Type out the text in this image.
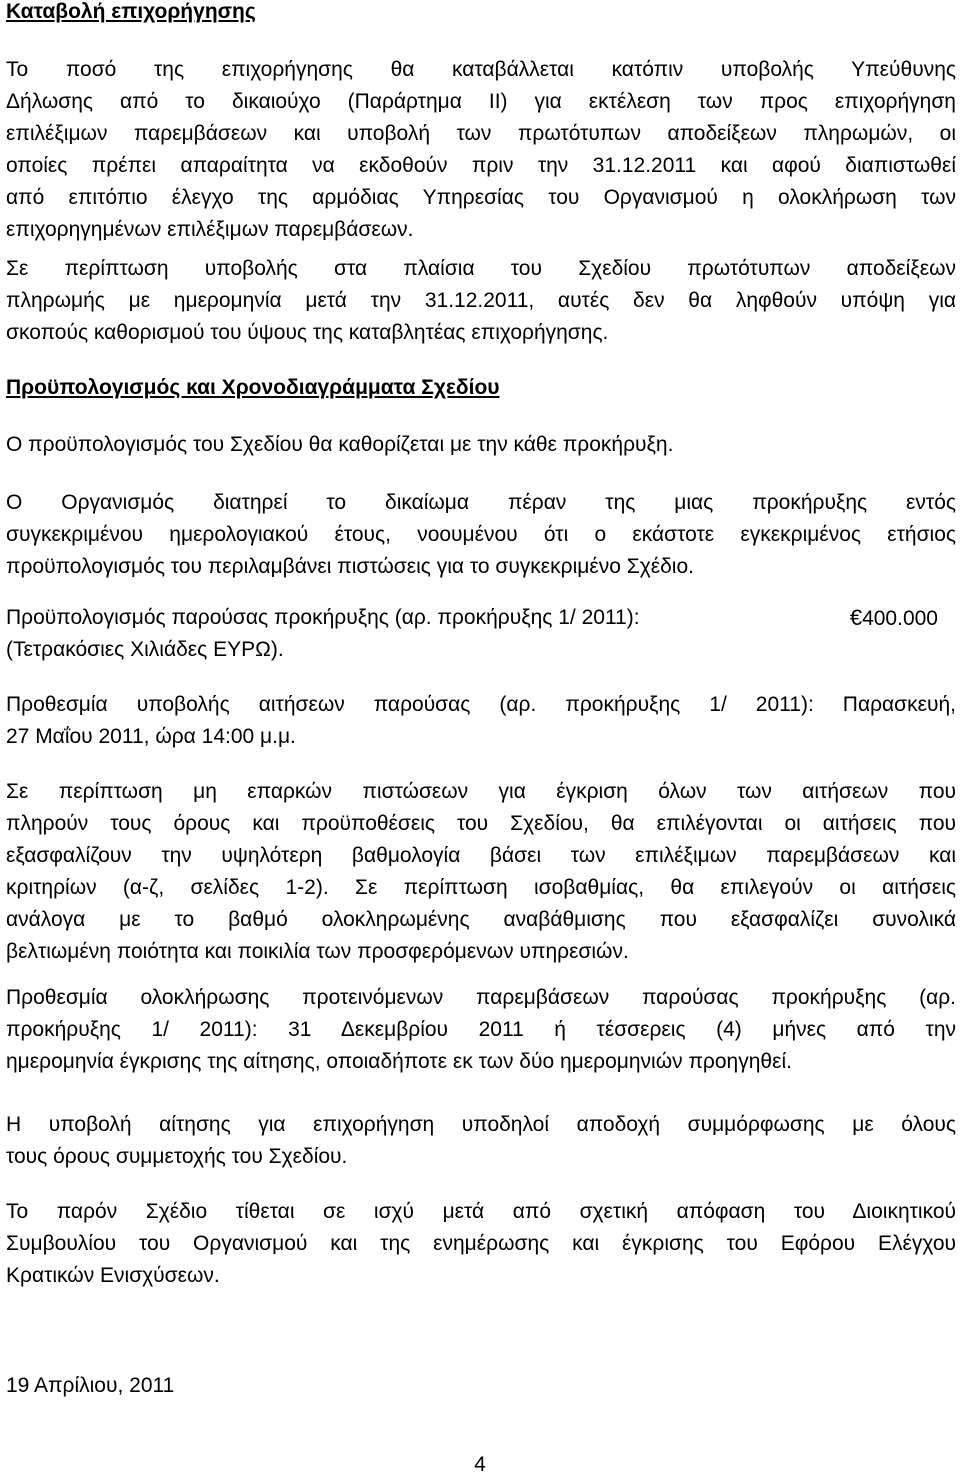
Καταβολή επιχορήγησης
Το ποσό της επιχορήγησης θα καταβάλλεται κατόπιν υποβολής Υπεύθυνης
Δήλωσης από το δικαιούχο (Παράρτημα ΙΙ) για εκτέλεση των προς επιχορήγηση
επιλέξιμων παρεμβάσεων και υποβολή των πρωτότυπων αποδείξεων πληρωμών, οι
οποίες πρέπει απαραίτητα να εκδοθούν πριν την 31.12.2011 και αφού διαπιστωθεί
από επιτόπιο έλεγχο της αρμόδιας Υπηρεσίας του Οργανισμού η ολοκλήρωση των
επιχορηγημένων επιλέξιμων παρεμβάσεων.
Σε περίπτωση υποβολής στα πλαίσια του Σχεδίου πρωτότυπων αποδείξεων
πληρωμής με ημερομηνία μετά την 31.12.2011, αυτές δεν θα ληφθούν υπόψη για
σκοπούς καθορισμού του ύψους της καταβλητέας επιχορήγησης.
Προϋπολογισμός και Χρονοδιαγράμματα Σχεδίου
Ο προϋπολογισμός του Σχεδίου θα καθορίζεται με την κάθε προκήρυξη.
Ο Οργανισμός διατηρεί το δικαίωμα πέραν της μιας προκήρυξης εντός
συγκεκριμένου ημερολογιακού έτους, νοουμένου ότι ο εκάστοτε εγκεκριμένος ετήσιος
προϋπολογισμός του περιλαμβάνει πιστώσεις για το συγκεκριμένο Σχέδιο.
Προϋπολογισμός παρούσας προκήρυξης (αρ. προκήρυξης 1/ 2011):	€400.000
(Τετρακόσιες Χιλιάδες ΕΥΡΩ).
Προθεσμία υποβολής αιτήσεων παρούσας (αρ. προκήρυξης 1/ 2011): Παρασκευή,
27 Μαΐου 2011, ώρα 14:00 μ.μ.
Σε περίπτωση μη επαρκών πιστώσεων για έγκριση όλων των αιτήσεων που
πληρούν τους όρους και προϋποθέσεις του Σχεδίου, θα επιλέγονται οι αιτήσεις που
εξασφαλίζουν την υψηλότερη βαθμολογία βάσει των επιλέξιμων παρεμβάσεων και
κριτηρίων (α-ζ, σελίδες 1-2). Σε περίπτωση ισοβαθμίας, θα επιλεγούν οι αιτήσεις
ανάλογα με το βαθμό ολοκληρωμένης αναβάθμισης που εξασφαλίζει συνολικά
βελτιωμένη ποιότητα και ποικιλία των προσφερόμενων υπηρεσιών.
Προθεσμία ολοκλήρωσης προτεινόμενων παρεμβάσεων παρούσας προκήρυξης (αρ.
προκήρυξης 1/ 2011): 31 Δεκεμβρίου 2011 ή τέσσερεις (4) μήνες από την
ημερομηνία έγκρισης της αίτησης, οποιαδήποτε εκ των δύο ημερομηνιών προηγηθεί.
Η υποβολή αίτησης για επιχορήγηση υποδηλοί αποδοχή συμμόρφωσης με όλους
τους όρους συμμετοχής του Σχεδίου.
Το παρόν Σχέδιο τίθεται σε ισχύ μετά από σχετική απόφαση του Διοικητικού
Συμβουλίου του Οργανισμού και της ενημέρωσης και έγκρισης του Εφόρου Ελέγχου
Κρατικών Ενισχύσεων.
19 Απρίλιου, 2011
4
